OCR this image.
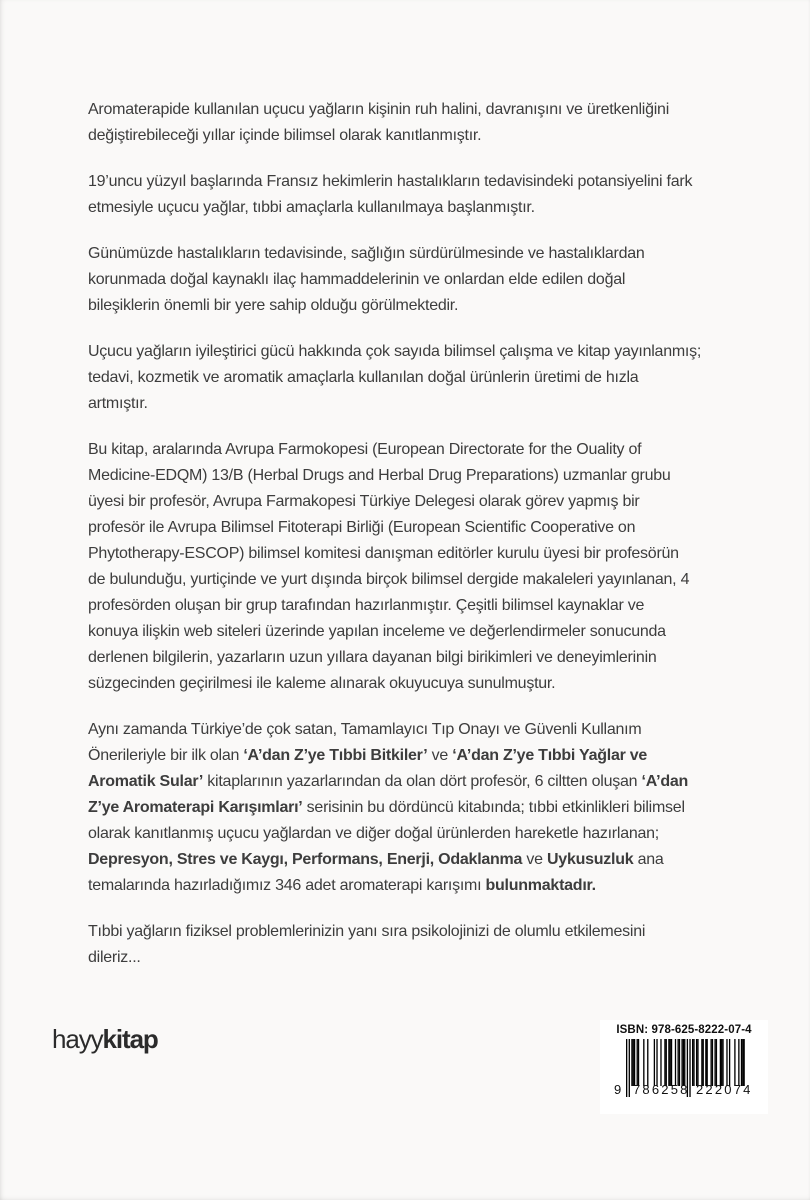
Aromaterapide kullanılan uçucu yağların kişinin ruh halini, davranışını ve üretkenliğini
değiştirebileceği yıllar içinde bilimsel olarak kanıtlanmıştır.
19’uncu yüzyıl başlarında Fransız hekimlerin hastalıkların tedavisindeki potansiyelini fark
etmesiyle uçucu yağlar, tıbbi amaçlarla kullanılmaya başlanmıştır.
Günümüzde hastalıkların tedavisinde, sağlığın sürdürülmesinde ve hastalıklardan
korunmada doğal kaynaklı ilaç hammaddelerinin ve onlardan elde edilen doğal
bileşiklerin önemli bir yere sahip olduğu görülmektedir.
Uçucu yağların iyileştirici gücü hakkında çok sayıda bilimsel çalışma ve kitap yayınlanmış;
tedavi, kozmetik ve aromatik amaçlarla kullanılan doğal ürünlerin üretimi de hızla
artmıştır.
Bu kitap, aralarında Avrupa Farmokopesi (European Directorate for the Ouality of
Medicine-EDQM) 13/B (Herbal Drugs and Herbal Drug Preparations) uzmanlar grubu
üyesi bir profesör, Avrupa Farmakopesi Türkiye Delegesi olarak görev yapmış bir
profesör ile Avrupa Bilimsel Fitoterapi Birliği (European Scientific Cooperative on
Phytotherapy-ESCOP) bilimsel komitesi danışman editörler kurulu üyesi bir profesörün
de bulunduğu, yurtiçinde ve yurt dışında birçok bilimsel dergide makaleleri yayınlanan, 4
profesörden oluşan bir grup tarafından hazırlanmıştır. Çeşitli bilimsel kaynaklar ve
konuya ilişkin web siteleri üzerinde yapılan inceleme ve değerlendirmeler sonucunda
derlenen bilgilerin, yazarların uzun yıllara dayanan bilgi birikimleri ve deneyimlerinin
süzgecinden geçirilmesi ile kaleme alınarak okuyucuya sunulmuştur.
Aynı zamanda Türkiye’de çok satan, Tamamlayıcı Tıp Onayı ve Güvenli Kullanım
Önerileriyle bir ilk olan ‘A’dan Z’ye Tıbbi Bitkiler’ ve ‘A’dan Z’ye Tıbbi Yağlar ve
Aromatik Sular’ kitaplarının yazarlarından da olan dört profesör, 6 ciltten oluşan ‘A’dan
Z’ye Aromaterapi Karışımları’ serisinin bu dördüncü kitabında; tıbbi etkinlikleri bilimsel
olarak kanıtlanmış uçucu yağlardan ve diğer doğal ürünlerden hareketle hazırlanan;
Depresyon, Stres ve Kaygı, Performans, Enerji, Odaklanma ve Uykusuzluk ana
temalarında hazırladığımız 346 adet aromaterapi karışımı bulunmaktadır.
Tıbbi yağların fiziksel problemlerinizin yanı sıra psikolojinizi de olumlu etkilemesini
dileriz...
hayykitap	ISBN: 978-625-8222-07-4
9 786258 222074
